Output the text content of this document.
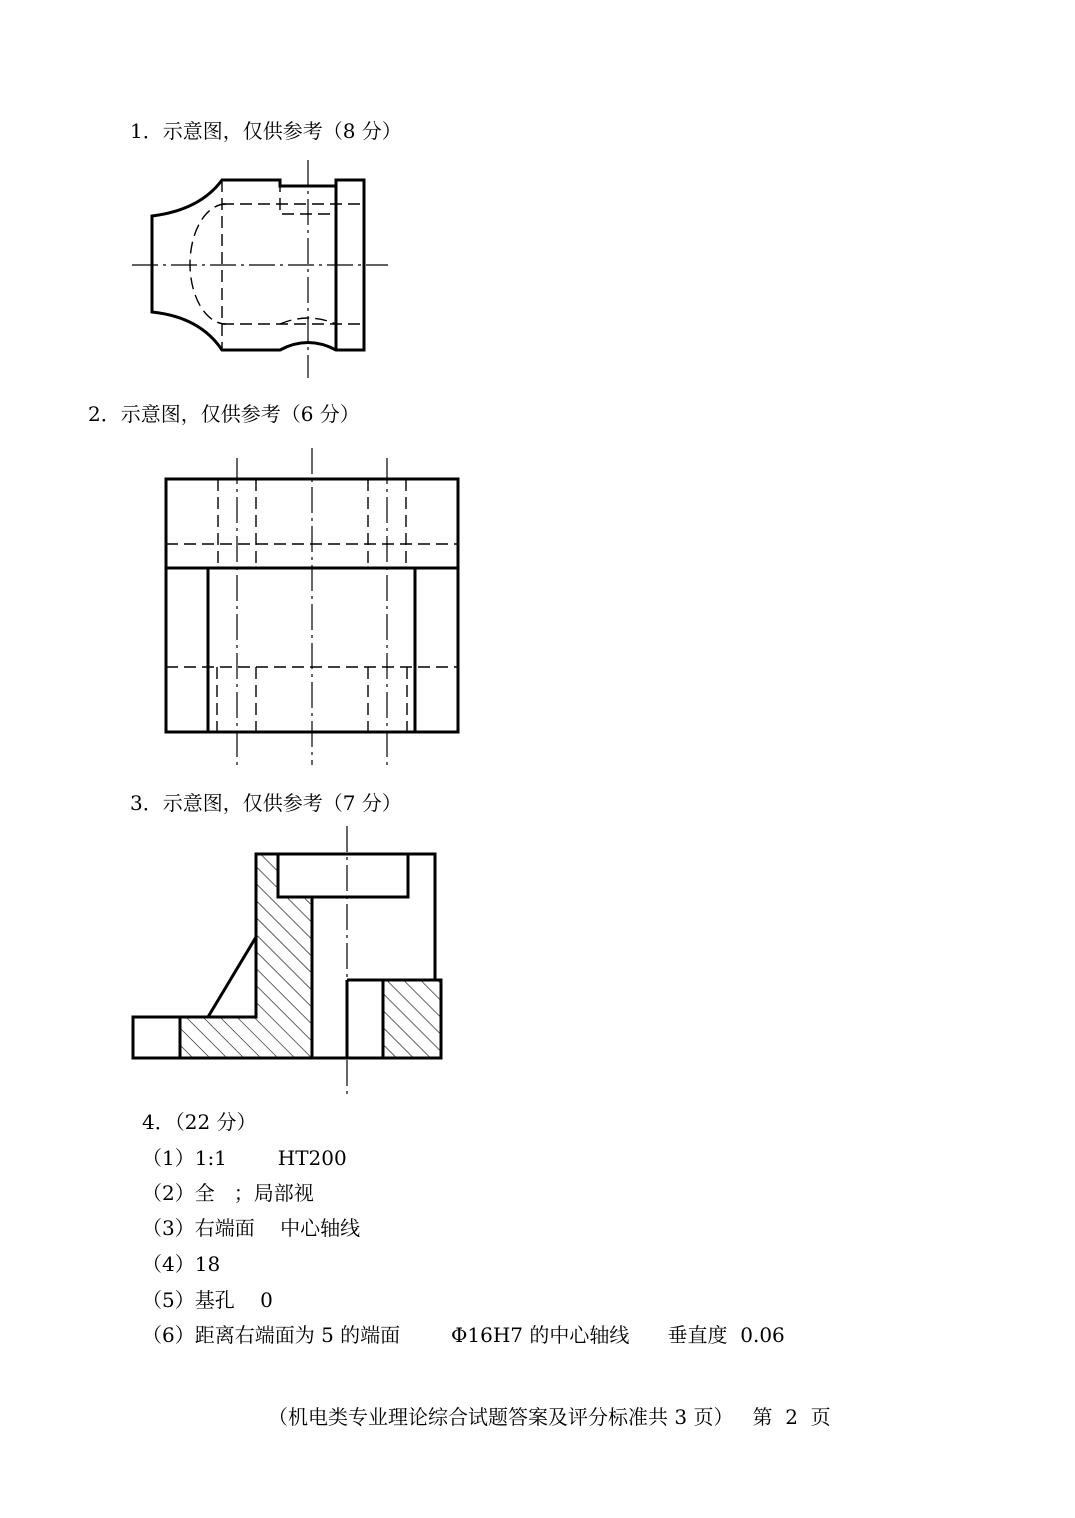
1．示意图，仅供参考（8 分）
2．示意图，仅供参考（6 分）
3．示意图，仅供参考（7 分）
4．（22 分）
（1）1:1        HT200
（2）全   ；局部视
（3）右端面    中心轴线
（4）18
（5）基孔    0
（6）距离右端面为 5 的端面        Φ16H7 的中心轴线      垂直度  0.06
（机电类专业理论综合试题答案及评分标准共 3 页）   第  2  页
